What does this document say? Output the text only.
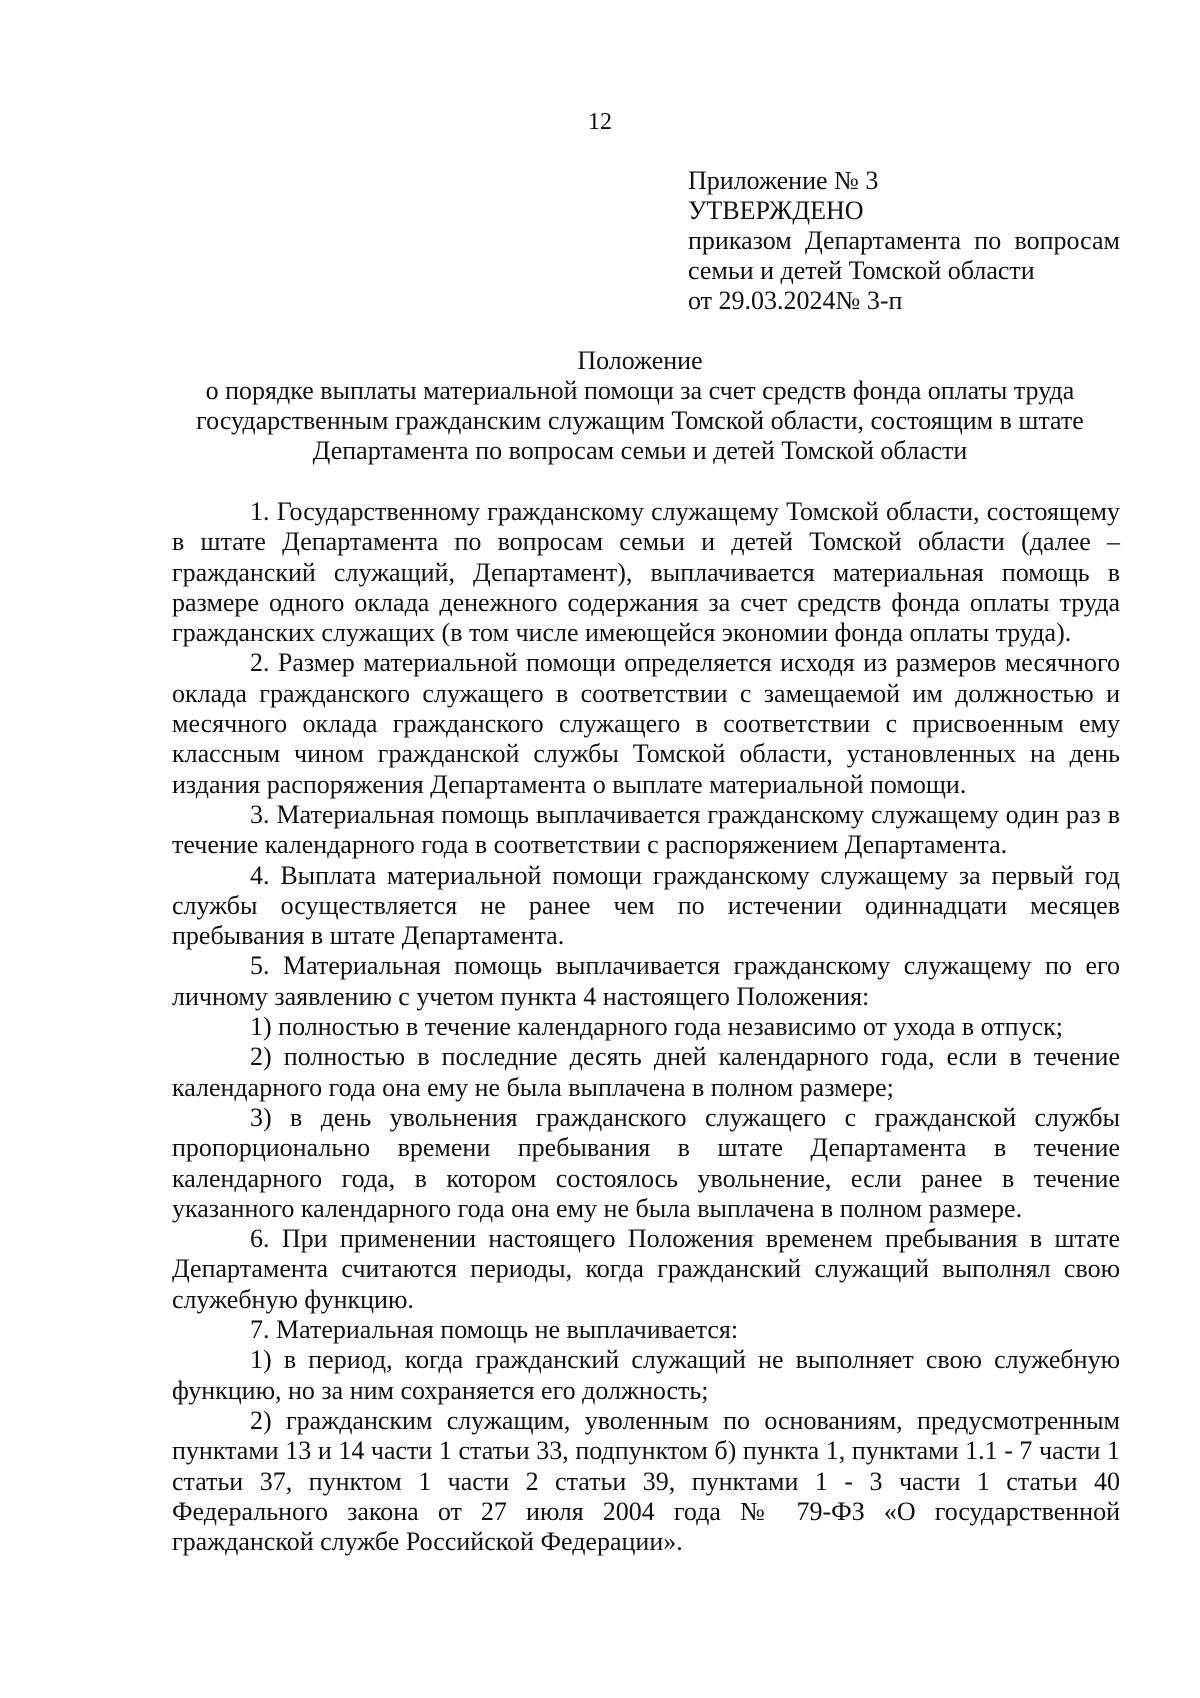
12
Приложение № 3
УТВЕРЖДЕНО
приказом Департамента по вопросам
семьи и детей Томской области
от 29.03.2024№ 3-п
Положение
о порядке выплаты материальной помощи за счет средств фонда оплаты труда
государственным гражданским служащим Томской области, состоящим в штате
Департамента по вопросам семьи и детей Томской области

1. Государственному гражданскому служащему Томской области, состоящему в штате Департамента по вопросам семьи и детей Томской области (далее – гражданский служащий, Департамент), выплачивается материальная помощь в размере одного оклада денежного содержания за счет средств фонда оплаты труда гражданских служащих (в том числе имеющейся экономии фонда оплаты труда).

2. Размер материальной помощи определяется исходя из размеров месячного оклада гражданского служащего в соответствии с замещаемой им должностью и месячного оклада гражданского служащего в соответствии с присвоенным ему классным чином гражданской службы Томской области, установленных на день издания распоряжения Департамента о выплате материальной помощи.

3. Материальная помощь выплачивается гражданскому служащему один раз в течение календарного года в соответствии с распоряжением Департамента.

4. Выплата материальной помощи гражданскому служащему за первый год службы осуществляется не ранее чем по истечении одиннадцати месяцев пребывания в штате Департамента.

5. Материальная помощь выплачивается гражданскому служащему по его личному заявлению с учетом пункта 4 настоящего Положения:

1) полностью в течение календарного года независимо от ухода в отпуск;

2) полностью в последние десять дней календарного года, если в течение календарного года она ему не была выплачена в полном размере;

3) в день увольнения гражданского служащего с гражданской службы пропорционально времени пребывания в штате Департамента в течение календарного года, в котором состоялось увольнение, если ранее в течение указанного календарного года она ему не была выплачена в полном размере.

6. При применении настоящего Положения временем пребывания в штате Департамента считаются периоды, когда гражданский служащий выполнял свою служебную функцию.

7. Материальная помощь не выплачивается:

1) в период, когда гражданский служащий не выполняет свою служебную функцию, но за ним сохраняется его должность;

2) гражданским служащим, уволенным по основаниям, предусмотренным пунктами 13 и 14 части 1 статьи 33, подпунктом б) пункта 1, пунктами 1.1 - 7 части 1 статьи 37, пунктом 1 части 2 статьи 39, пунктами 1 - 3 части 1 статьи 40 Федерального закона от 27 июля 2004 года № 79-ФЗ «О государственной гражданской службе Российской Федерации».
